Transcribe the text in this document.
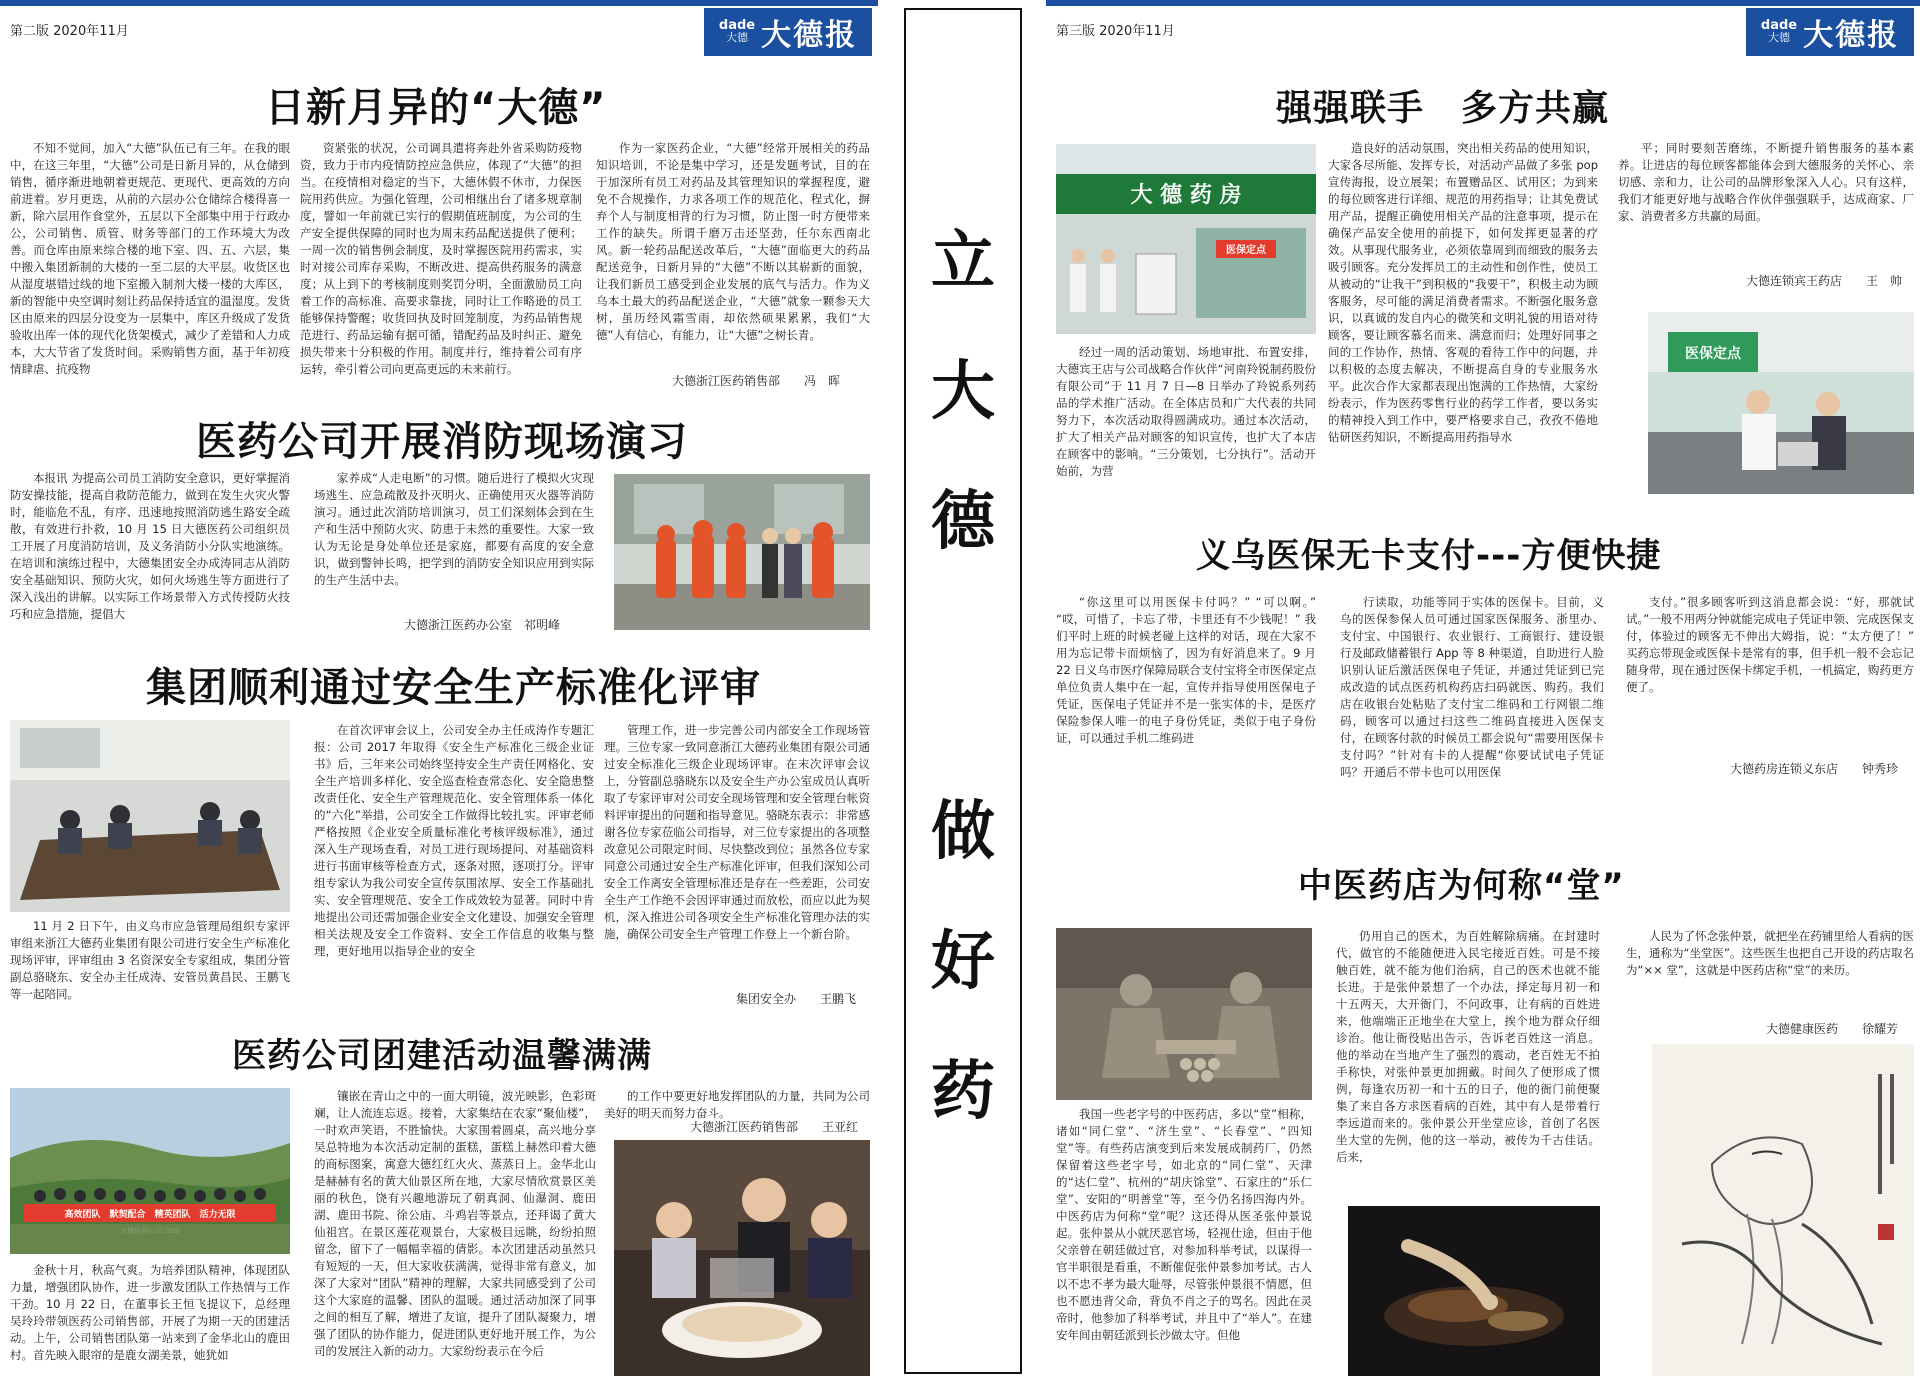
第二版 2020年11月	dade
大德 大德报
日新月异的“大德”

不知不觉间，加入“大德”队伍已有三年。在我的眼中，在这三年里，“大德”公司是日新月异的，从仓储到销售，循序渐进地朝着更规范、更现代、更高效的方向前进着。岁月更迭，从前的六层办公仓储综合楼得喜一新，除六层用作食堂外，五层以下全部集中用于行政办公，公司销售、质管、财务等部门的工作环境大为改善。而仓库由原来综合楼的地下室、四、五、六层，集中搬入集团新制的大楼的一至二层的大平层。收货区也从湿度堪错过线的地下室搬入制剂大楼一楼的大库区，新的智能中央空调时刻让药品保持适宜的温湿度。发货区由原来的四层分设变为一层集中，库区升级成了发货验收出库一体的现代化货架模式，减少了差错和人力成本，大大节省了发货时间。采购销售方面，基于年初疫情肆虐、抗疫物

资紧张的状况，公司调具遣将奔赴外省采购防疫物资，致力于市内疫情防控应急供应，体现了“大德”的担当。在疫情相对稳定的当下，大德休假不休市，力保医院用药供应。为强化管理，公司相继出台了诸多规章制度，譬如一年前就已实行的假期值班制度，为公司的生产安全提供保障的同时也为周末药品配送提供了便利；一周一次的销售例会制度，及时掌握医院用药需求，实时对接公司库存采购，不断改进、提高供药服务的满意度；从上到下的考核制度则奖罚分明，全面激励员工向着工作的高标准、高要求靠拢，同时让工作略逊的员工能够保持警醒；收货回执及时回笼制度，为药品销售规范进行、药品运输有据可循，错配药品及时纠正、避免损失带来十分积极的作用。制度并行，维持着公司有序运转，牵引着公司向更高更远的未来前行。

作为一家医药企业，“大德”经常开展相关的药品知识培训，不论是集中学习，还是发题考试，目的在于加深所有员工对药品及其管理知识的掌握程度，避免不合规操作，力求各项工作的规范化、程式化，摒弃个人与制度相背的行为习惯，防止图一时方便带来工作的缺失。所谓千磨万击还坚劲，任尔东西南北风。新一轮药品配送改革后，“大德”面临更大的药品配送竞争，日新月异的“大德”不断以其崭新的面貌，让我们新员工感受到企业发展的底气与活力。作为义乌本土最大的药品配送企业，“大德”就象一颗参天大树，虽历经风霜雪雨，却依然硕果累累，我们“大德”人有信心，有能力，让“大德”之树长青。

大德浙江医药销售部　　冯　晖
医药公司开展消防现场演习

本报讯 为提高公司员工消防安全意识，更好掌握消防安操技能，提高自救防范能力，做到在发生火灾火警时，能临危不乱，有序、迅速地按照消防逃生路安全疏散，有效进行扑救，10 月 15 日大德医药公司组织员工开展了月度消防培训，及义务消防小分队实地演练。在培训和演练过程中，大德集团安全办成涛同志从消防安全基础知识、预防火灾，如何火场逃生等方面进行了深入浅出的讲解。以实际工作场景带入方式传授防火技巧和应急措施，提倡大

家养成“人走电断”的习惯。随后进行了模拟火灾现场逃生、应急疏散及扑灭明火、正确使用灭火器等消防演习。通过此次消防培训演习，员工们深刻体会到在生产和生活中预防火灾、防患于未然的重要性。大家一致认为无论是身处单位还是家庭，都要有高度的安全意识，做到警钟长鸣，把学到的消防安全知识应用到实际的生产生活中去。

大德浙江医药办公室　祁明峰
集团顺利通过安全生产标准化评审

11 月 2 日下午，由义乌市应急管理局组织专家评审组来浙江大德药业集团有限公司进行安全生产标准化现场评审，评审组由 3 名资深安全专家组成，集团分管副总骆晓东、安全办主任成涛、安管员黄昌民、王鹏飞等一起陪同。

在首次评审会议上，公司安全办主任成涛作专题汇报：公司 2017 年取得《安全生产标准化三级企业证书》后，三年来公司始终坚持安全生产责任网格化、安全生产培训多样化、安全巡查检查常态化、安全隐患整改责任化、安全生产管理规范化、安全管理体系一体化的“六化”举措，公司安全工作做得比较扎实。评审老师严格按照《企业安全质量标准化考核评级标准》，通过深入生产现场查看，对员工进行现场提问、对基础资料进行书面审核等检查方式，逐条对照，逐项打分。评审组专家认为我公司安全宣传氛围浓厚、安全工作基础扎实、安全管理规范、安全工作成效较为显著。同时中肯地提出公司还需加强企业安全文化建设、加强安全管理相关法规及安全工作资料、安全工作信息的收集与整理，更好地用以指导企业的安全

管理工作，进一步完善公司内部安全工作现场管理。三位专家一致同意浙江大德药业集团有限公司通过安全标准化三级企业现场评审。在末次评审会议上，分管副总骆晓东以及安全生产办公室成员认真听取了专家评审对公司安全现场管理和安全管理台帐资料评审提出的问题和指导意见。骆晓东表示：非常感谢各位专家莅临公司指导，对三位专家提出的各项整改意见公司限定时间、尽快整改到位；虽然各位专家同意公司通过安全生产标准化评审，但我们深知公司安全工作离安全管理标准还是存在一些差距，公司安全生产工作绝不会因评审通过而放松，而应以此为契机，深入推进公司各项安全生产标准化管理办法的实施，确保公司安全生产管理工作登上一个新台阶。

集团安全办　　王鹏飞
医药公司团建活动温馨满满
高效团队　默契配合　精英团队　活力无限

金秋十月，秋高气爽。为培养团队精神，体现团队力量，增强团队协作，进一步激发团队工作热情与工作干劲。10 月 22 日，在董事长王恒飞提议下，总经理吴玲玲带领医药公司销售部，开展了为期一天的团建活动。上午，公司销售团队第一站来到了金华北山的鹿田村。首先映入眼帘的是鹿女湖美景，她犹如

镶嵌在青山之中的一面大明镜，波光映影，色彩斑斓，让人流连忘返。接着，大家集结在农家“聚仙楼”，一时欢声笑语，不胜愉快。大家围着圆桌，高兴地分享吴总特地为本次活动定制的蛋糕，蛋糕上赫然印着大德的商标图案，寓意大德红红火火、蒸蒸日上。金华北山是赫赫有名的黄大仙景区所在地，大家尽情欣赏景区美丽的秋色，饶有兴趣地游玩了朝真洞、仙瀑洞、鹿田湖、鹿田书院、徐公庙、斗鸡岩等景点，还拜谒了黄大仙祖宫。在景区莲花观景台，大家极目远眺，纷纷拍照留念，留下了一幅幅幸福的倩影。本次团建活动虽然只有短短的一天，但大家收获满满，觉得非常有意义，加深了大家对“团队”精神的理解，大家共同感受到了公司这个大家庭的温馨、团队的温暖。通过活动加深了同事之间的相互了解，增进了友谊，提升了团队凝聚力，增强了团队的协作能力，促进团队更好地开展工作，为公司的发展注入新的动力。大家纷纷表示在今后

的工作中要更好地发挥团队的力量，共同为公司美好的明天而努力奋斗。

大德浙江医药销售部　　王亚红
立
大
德
做
好
药
第三版 2020年11月	dade
大德 大德报
强强联手　多方共赢
大 德 药 房
医保定点

经过一周的活动策划、场地审批、布置安排，大德宾王店与公司战略合作伙伴“河南羚锐制药股份有限公司”于 11 月 7 日—8 日举办了羚锐系列药品的学术推广活动。在全体店员和广大代表的共同努力下，本次活动取得圆满成功。通过本次活动，扩大了相关产品对顾客的知识宣传，也扩大了本店在顾客中的影响。“三分策划，七分执行”。活动开始前，为营

造良好的活动氛围，突出相关药品的使用知识，大家各尽所能、发挥专长，对活动产品做了多张 pop 宣传海报，设立展架；布置赠品区、试用区；为到来的每位顾客进行详细、规范的用药指导；让其免费试用产品，提醒正确使用相关产品的注意事项，提示在确保产品安全使用的前提下，如何发挥更显著的疗效。从事现代服务业，必须依靠周到而细致的服务去吸引顾客。充分发挥员工的主动性和创作性，使员工从被动的“让我干”到积极的“我要干”，积极主动为顾客服务，尽可能的满足消费者需求。不断强化服务意识，以真诚的发自内心的微笑和文明礼貌的用语对待顾客，要让顾客慕名而来、满意而归；处理好同事之间的工作协作，热情、客观的看待工作中的问题，并以积极的态度去解决，不断提高自身的专业服务水平。此次合作大家都表现出饱满的工作热情，大家纷纷表示，作为医药零售行业的药学工作者，要以务实的精神投入到工作中，要严格要求自己，孜孜不倦地钻研医药知识，不断提高用药指导水

平；同时要刻苦磨练，不断提升销售服务的基本素养。让进店的每位顾客都能体会到大德服务的关怀心、亲切感、亲和力，让公司的品牌形象深入人心。只有这样，我们才能更好地与战略合作伙伴强强联手，达成商家、厂家、消费者多方共赢的局面。

大德连锁宾王药店　　王　帅
医保定点
义乌医保无卡支付---方便快捷

“你这里可以用医保卡付吗？” “可以啊。” “哎，可惜了，卡忘了带，卡里还有不少钱呢！” 我们平时上班的时候老碰上这样的对话，现在大家不用为忘记带卡而烦恼了，因为有好消息来了。9 月 22 日义乌市医疗保障局联合支付宝将全市医保定点单位负责人集中在一起，宣传并指导使用医保电子凭证，医保电子凭证并不是一张实体的卡，是医疗保险参保人唯一的电子身份凭证，类似于电子身份证，可以通过手机二维码进

行读取，功能等同于实体的医保卡。目前，义乌的医保参保人员可通过国家医保服务、浙里办、支付宝、中国银行、农业银行、工商银行、建设银行及邮政储蓄银行 App 等 8 种渠道，自助进行人脸识别认证后激活医保电子凭证，并通过凭证到已完成改造的试点医药机构药店扫码就医、购药。我们店在收银台处粘贴了支付宝二维码和工行网银二维码，顾客可以通过扫这些二维码直接进入医保支付，在顾客付款的时候员工都会说句“需要用医保卡支付吗？”针对有卡的人提醒“你要试试电子凭证吗？开通后不带卡也可以用医保

支付。”很多顾客听到这消息都会说：“好，那就试试。”一般不用两分钟就能完成电子凭证申领、完成医保支付，体验过的顾客无不伸出大姆指，说：“太方便了！” 买药忘带现金或医保卡是常有的事，但手机一般不会忘记随身带，现在通过医保卡绑定手机，一机搞定，购药更方便了。

大德药房连锁义东店　　钟秀珍
中医药店为何称“堂”

我国一些老字号的中医药店，多以“堂”相称，诸如“同仁堂”、“济生堂”、“长春堂”、“四知堂”等。有些药店演变到后来发展成制药厂，仍然保留着这些老字号，如北京的“同仁堂”、天津的“达仁堂”、杭州的“胡庆馀堂”、石家庄的“乐仁堂”、安阳的“明善堂”等，至今仍名扬四海内外。中医药店为何称“堂”呢？这还得从医圣张仲景说起。张仲景从小就厌恶官场，轻视仕途，但由于他父亲曾在朝廷做过官，对参加科举考试，以谋得一官半职很是看重，不断催促张仲景参加考试。古人以不忠不孝为最大耻辱，尽管张仲景很不情愿，但也不愿违背父命，背负不肖之子的骂名。因此在灵帝时，他参加了科举考试，并且中了“举人”。在建安年间由朝廷派到长沙做太守。但他

仍用自己的医术，为百姓解除病痛。在封建时代，做官的不能随便进入民宅接近百姓。可是不接触百姓，就不能为他们治病，自己的医术也就不能长进。于是张仲景想了一个办法，择定每月初一和十五两天，大开衙门，不问政事，让有病的百姓进来，他端端正正地坐在大堂上，挨个地为群众仔细诊治。他让衙役贴出告示，告诉老百姓这一消息。他的举动在当地产生了强烈的震动，老百姓无不拍手称快，对张仲景更加拥戴。时间久了便形成了惯例，每逢农历初一和十五的日子，他的衙门前便聚集了来自各方求医看病的百姓，其中有人是带着行李远道而来的。张仲景公开坐堂应诊，首创了名医坐大堂的先例，他的这一举动，被传为千古佳话。后来，

人民为了怀念张仲景，就把坐在药铺里给人看病的医生，通称为“坐堂医”。这些医生也把自己开设的药店取名为“×× 堂”，这就是中医药店称“堂”的来历。

大德健康医药　　徐耀芳
